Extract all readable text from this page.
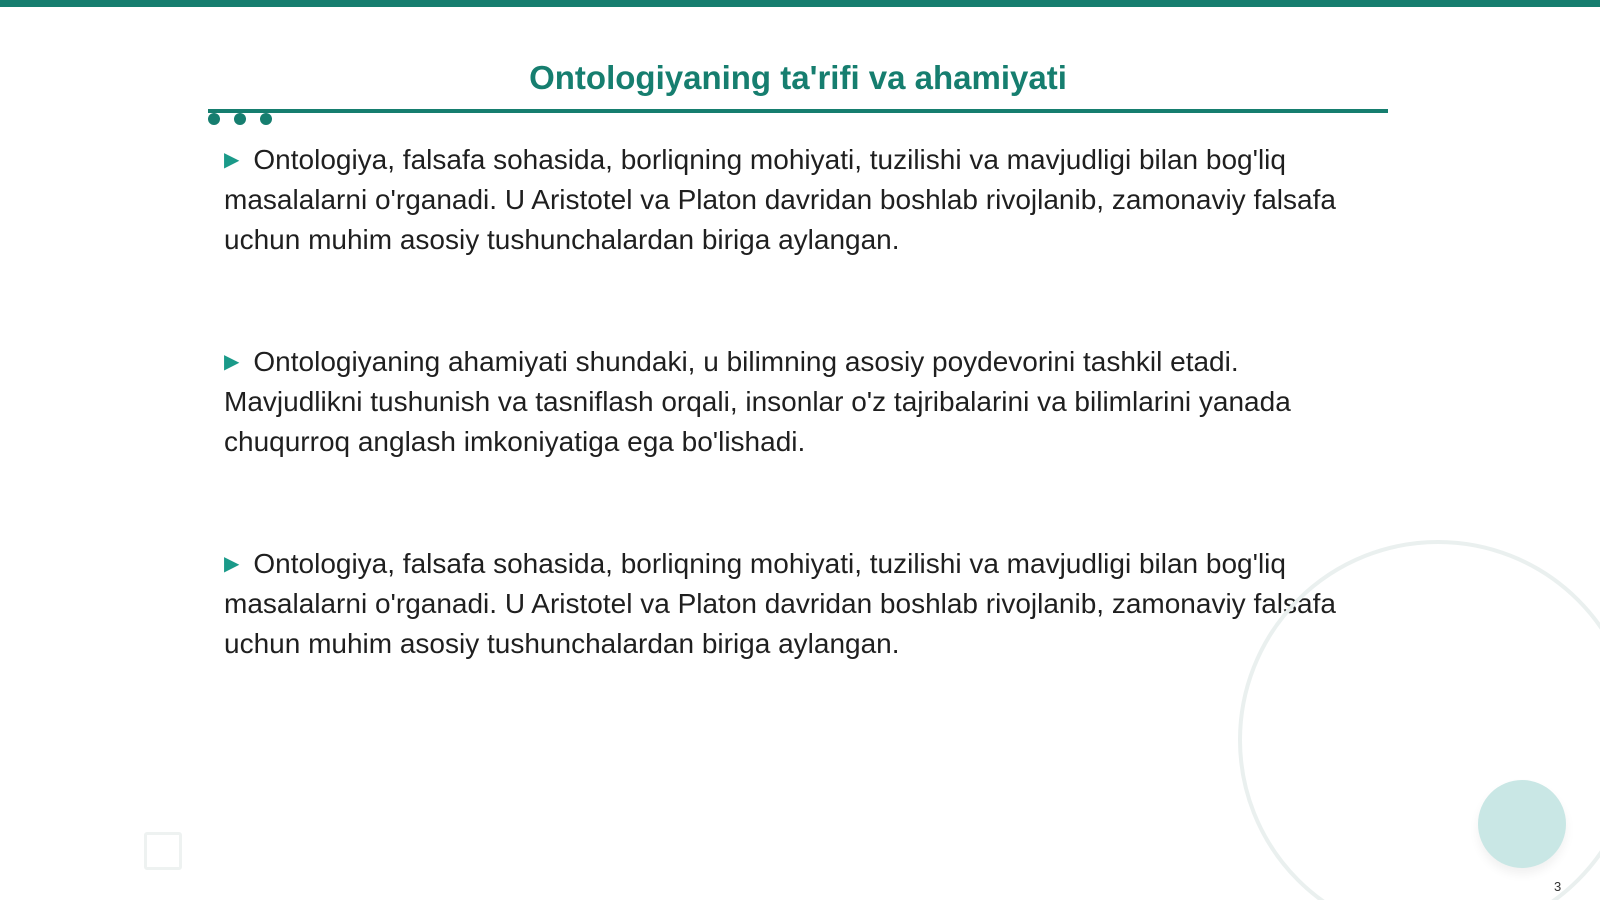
Ontologiyaning ta'rifi va ahamiyati

▶ Ontologiya, falsafa sohasida, borliqning mohiyati, tuzilishi va mavjudligi bilan bog'liq masalalarni o'rganadi. U Aristotel va Platon davridan boshlab rivojlanib, zamonaviy falsafa uchun muhim asosiy tushunchalardan biriga aylangan.

▶ Ontologiyaning ahamiyati shundaki, u bilimning asosiy poydevorini tashkil etadi. Mavjudlikni tushunish va tasniflash orqali, insonlar o'z tajribalarini va bilimlarini yanada chuqurroq anglash imkoniyatiga ega bo'lishadi.

▶ Ontologiya, falsafa sohasida, borliqning mohiyati, tuzilishi va mavjudligi bilan bog'liq masalalarni o'rganadi. U Aristotel va Platon davridan boshlab rivojlanib, zamonaviy falsafa uchun muhim asosiy tushunchalardan biriga aylangan.

3
